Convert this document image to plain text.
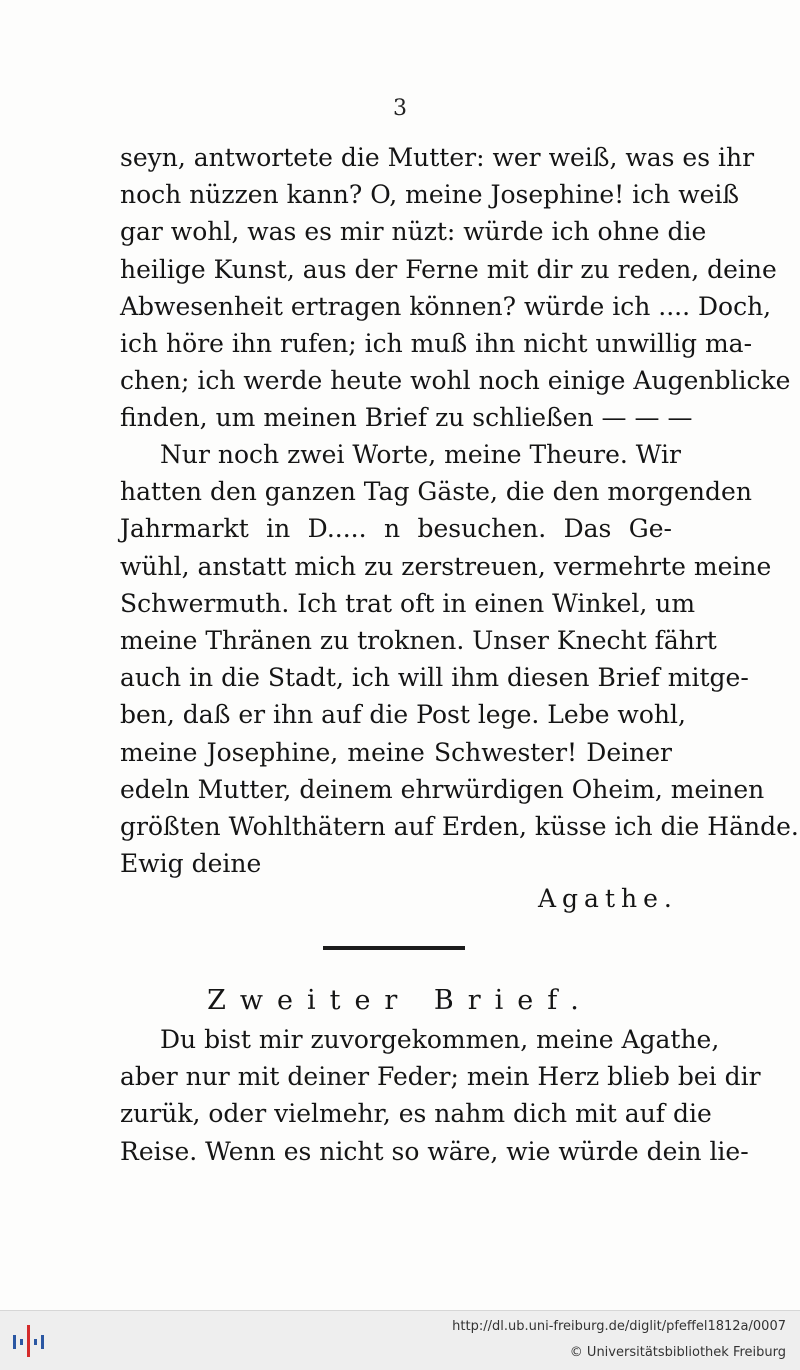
3
seyn, antwortete die Mutter: wer weiß, was es ihr
noch nüzzen kann? O, meine Josephine! ich weiß
gar wohl, was es mir nüzt: würde ich ohne die
heilige Kunst, aus der Ferne mit dir zu reden, deine
Abwesenheit ertragen können? würde ich .... Doch,
ich höre ihn rufen; ich muß ihn nicht unwillig ma-
chen; ich werde heute wohl noch einige Augenblicke
finden, um meinen Brief zu schließen — — —
Nur noch zwei Worte, meine Theure. Wir
hatten den ganzen Tag Gäste, die den morgenden
Jahrmarkt in D..... n besuchen. Das Ge-
wühl, anstatt mich zu zerstreuen, vermehrte meine
Schwermuth. Ich trat oft in einen Winkel, um
meine Thränen zu troknen. Unser Knecht fährt
auch in die Stadt, ich will ihm diesen Brief mitge-
ben, daß er ihn auf die Post lege. Lebe wohl,
meine Josephine, meine Schwester! Deiner
edeln Mutter, deinem ehrwürdigen Oheim, meinen
größten Wohlthätern auf Erden, küsse ich die Hände.
Ewig deine
Agathe.
Zweiter Brief.
Du bist mir zuvorgekommen, meine Agathe,
aber nur mit deiner Feder; mein Herz blieb bei dir
zurük, oder vielmehr, es nahm dich mit auf die
Reise. Wenn es nicht so wäre, wie würde dein lie-
http://dl.ub.uni-freiburg.de/diglit/pfeffel1812a/0007
© Universitätsbibliothek Freiburg
